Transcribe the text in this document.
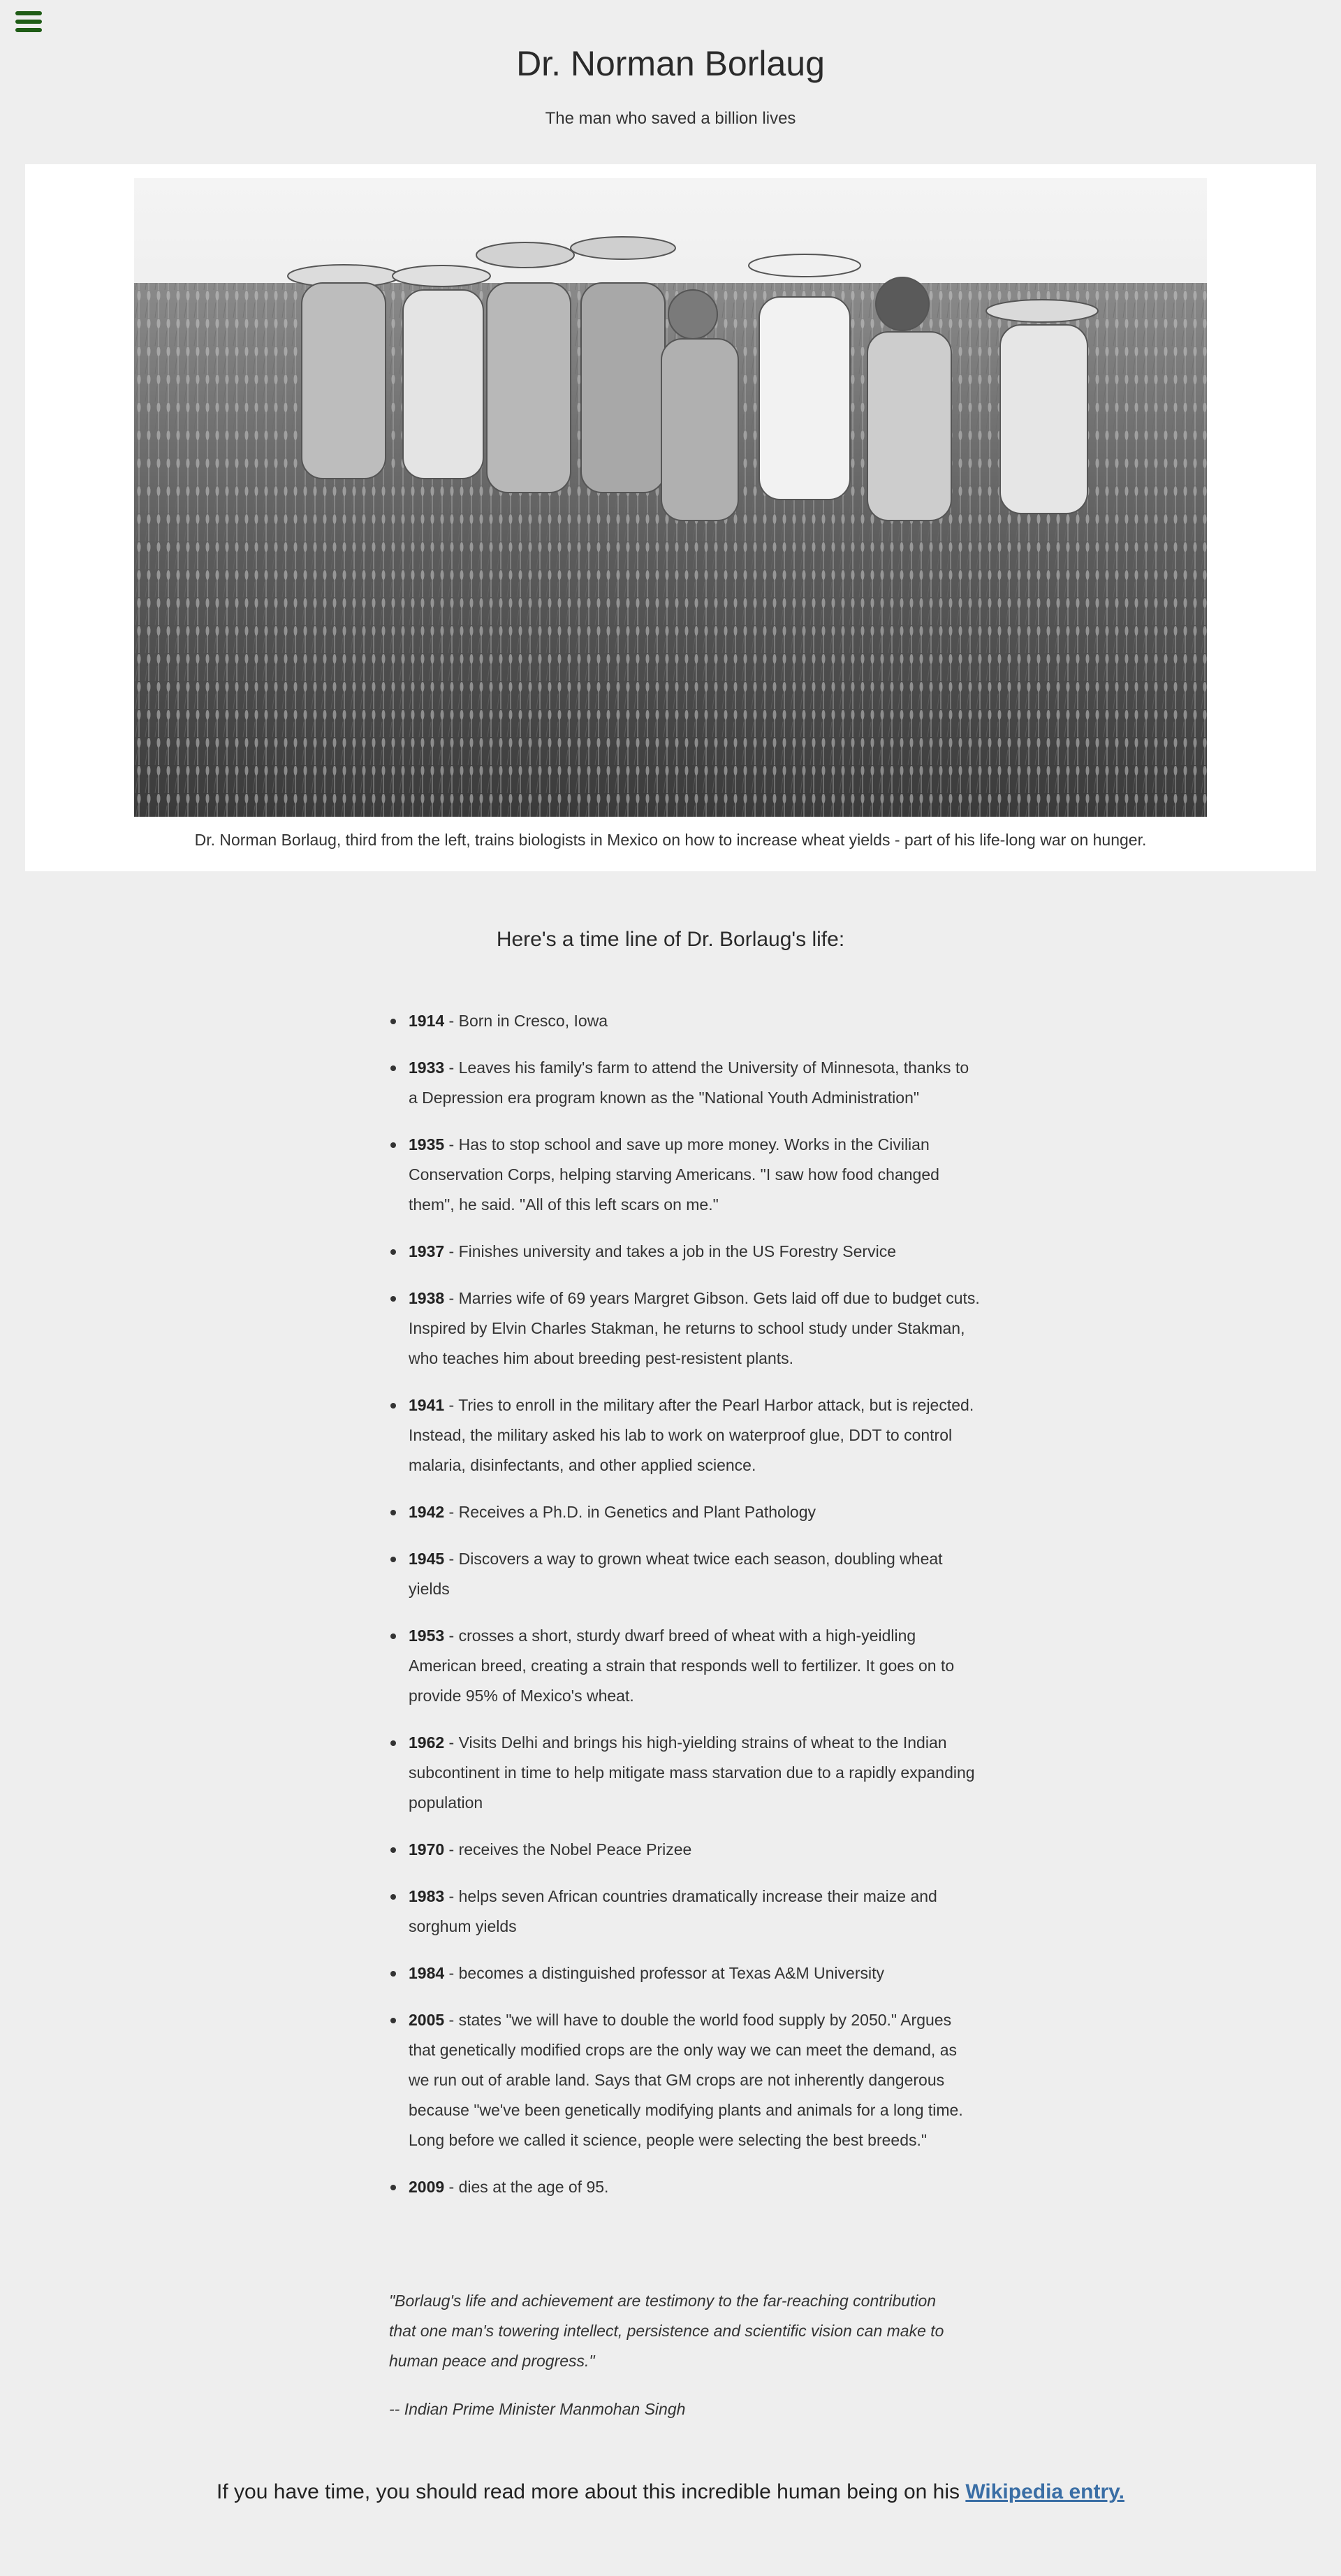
Dr. Norman Borlaug

The man who saved a billion lives

Dr. Norman Borlaug, third from the left, trains biologists in Mexico on how to increase wheat yields - part of his life-long war on hunger.
Here's a time line of Dr. Borlaug's life:
1914 - Born in Cresco, Iowa
1933 - Leaves his family's farm to attend the University of Minnesota, thanks to a Depression era program known as the "National Youth Administration"
1935 - Has to stop school and save up more money. Works in the Civilian Conservation Corps, helping starving Americans. "I saw how food changed them", he said. "All of this left scars on me."
1937 - Finishes university and takes a job in the US Forestry Service
1938 - Marries wife of 69 years Margret Gibson. Gets laid off due to budget cuts. Inspired by Elvin Charles Stakman, he returns to school study under Stakman, who teaches him about breeding pest-resistent plants.
1941 - Tries to enroll in the military after the Pearl Harbor attack, but is rejected. Instead, the military asked his lab to work on waterproof glue, DDT to control malaria, disinfectants, and other applied science.
1942 - Receives a Ph.D. in Genetics and Plant Pathology
1945 - Discovers a way to grown wheat twice each season, doubling wheat yields
1953 - crosses a short, sturdy dwarf breed of wheat with a high-yeidling American breed, creating a strain that responds well to fertilizer. It goes on to provide 95% of Mexico's wheat.
1962 - Visits Delhi and brings his high-yielding strains of wheat to the Indian subcontinent in time to help mitigate mass starvation due to a rapidly expanding population
1970 - receives the Nobel Peace Prizee
1983 - helps seven African countries dramatically increase their maize and sorghum yields
1984 - becomes a distinguished professor at Texas A&M University
2005 - states "we will have to double the world food supply by 2050." Argues that genetically modified crops are the only way we can meet the demand, as we run out of arable land. Says that GM crops are not inherently dangerous because "we've been genetically modifying plants and animals for a long time. Long before we called it science, people were selecting the best breeds."
2009 - dies at the age of 95.

"Borlaug's life and achievement are testimony to the far-reaching contribution that one man's towering intellect, persistence and scientific vision can make to human peace and progress."

-- Indian Prime Minister Manmohan Singh

If you have time, you should read more about this incredible human being on his Wikipedia entry.
